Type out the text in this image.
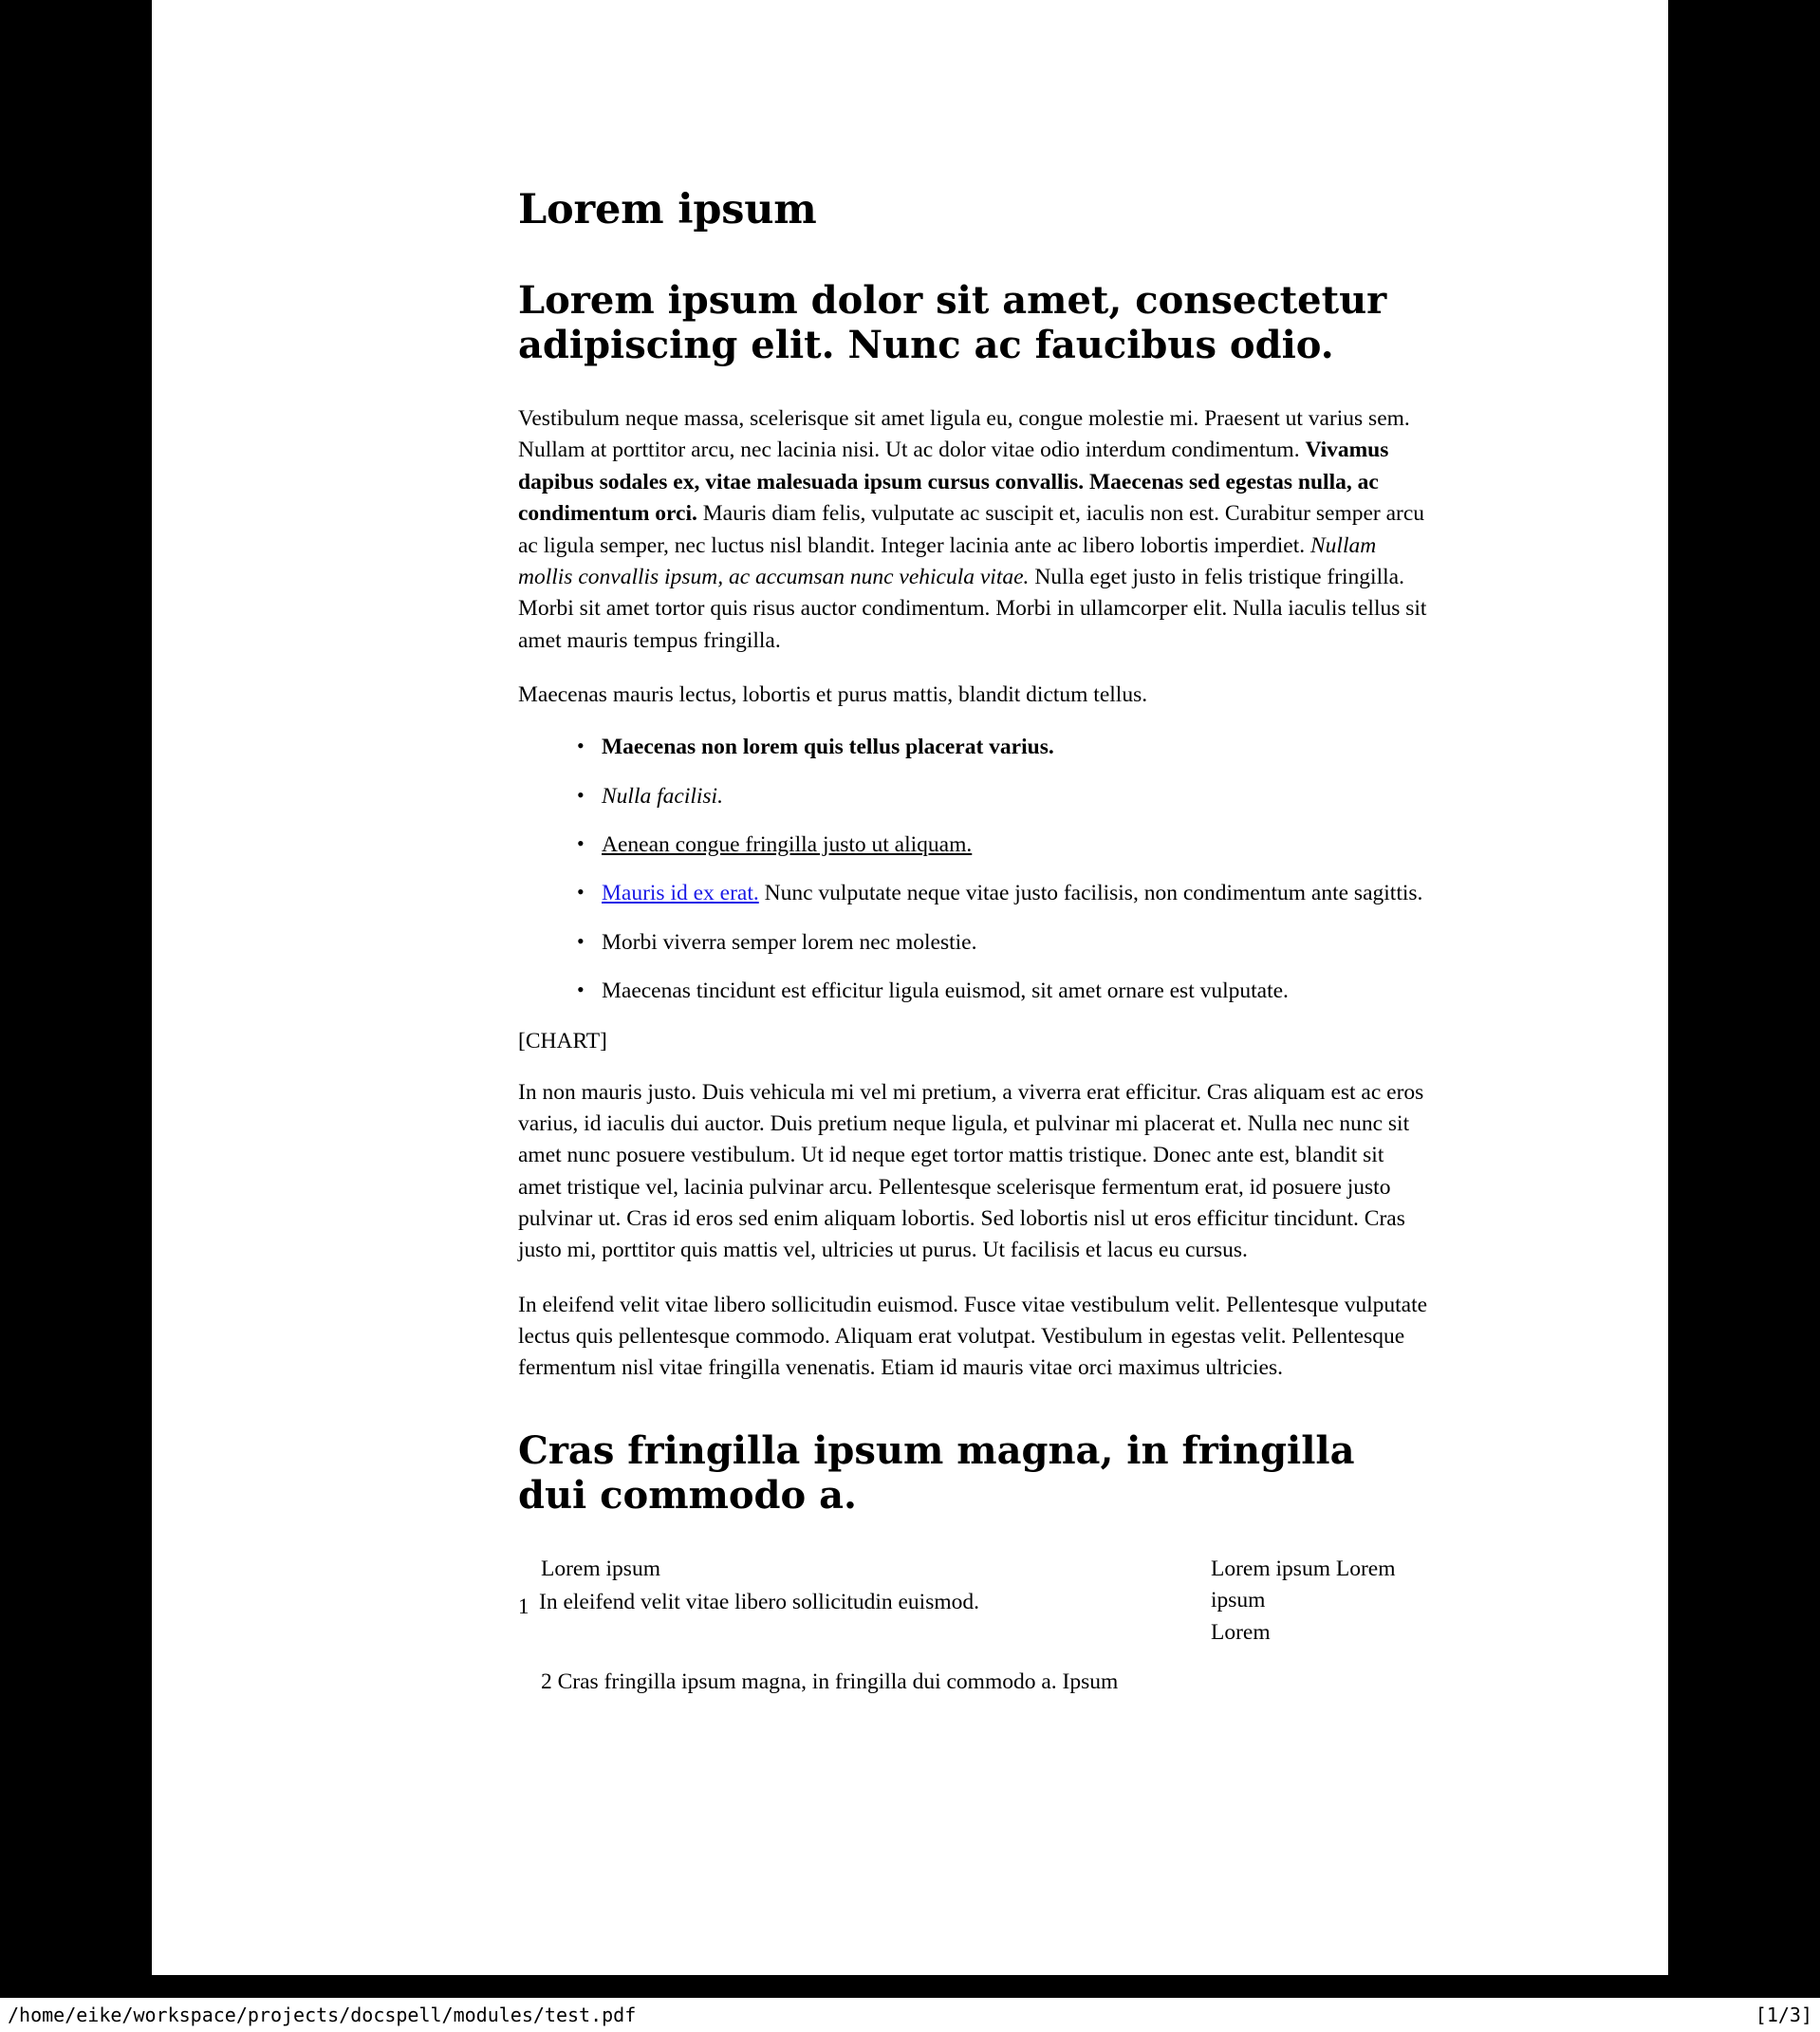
Lorem ipsum
Lorem ipsum dolor sit amet, consectetur adipiscing elit. Nunc ac faucibus odio.

Vestibulum neque massa, scelerisque sit amet ligula eu, congue molestie mi. Praesent ut varius sem. Nullam at porttitor arcu, nec lacinia nisi. Ut ac dolor vitae odio interdum condimentum. Vivamus dapibus sodales ex, vitae malesuada ipsum cursus convallis. Maecenas sed egestas nulla, ac condimentum orci. Mauris diam felis, vulputate ac suscipit et, iaculis non est. Curabitur semper arcu ac ligula semper, nec luctus nisl blandit. Integer lacinia ante ac libero lobortis imperdiet. Nullam mollis convallis ipsum, ac accumsan nunc vehicula vitae. Nulla eget justo in felis tristique fringilla. Morbi sit amet tortor quis risus auctor condimentum. Morbi in ullamcorper elit. Nulla iaculis tellus sit amet mauris tempus fringilla.

Maecenas mauris lectus, lobortis et purus mattis, blandit dictum tellus.

• Maecenas non lorem quis tellus placerat varius.
• Nulla facilisi.
• Aenean congue fringilla justo ut aliquam.
• Mauris id ex erat. Nunc vulputate neque vitae justo facilisis, non condimentum ante sagittis.
• Morbi viverra semper lorem nec molestie.
• Maecenas tincidunt est efficitur ligula euismod, sit amet ornare est vulputate.
[CHART]

In non mauris justo. Duis vehicula mi vel mi pretium, a viverra erat efficitur. Cras aliquam est ac eros varius, id iaculis dui auctor. Duis pretium neque ligula, et pulvinar mi placerat et. Nulla nec nunc sit amet nunc posuere vestibulum. Ut id neque eget tortor mattis tristique. Donec ante est, blandit sit amet tristique vel, lacinia pulvinar arcu. Pellentesque scelerisque fermentum erat, id posuere justo pulvinar ut. Cras id eros sed enim aliquam lobortis. Sed lobortis nisl ut eros efficitur tincidunt. Cras justo mi, porttitor quis mattis vel, ultricies ut purus. Ut facilisis et lacus eu cursus.

In eleifend velit vitae libero sollicitudin euismod. Fusce vitae vestibulum velit. Pellentesque vulputate lectus quis pellentesque commodo. Aliquam erat volutpat. Vestibulum in egestas velit. Pellentesque fermentum nisl vitae fringilla venenatis. Etiam id mauris vitae orci maximus ultricies.

Cras fringilla ipsum magna, in fringilla dui commodo a.
Lorem ipsum
1 In eleifend velit vitae libero sollicitudin euismod.
Lorem ipsum Lorem ipsum
Lorem
2 Cras fringilla ipsum magna, in fringilla dui commodo a. Ipsum
/home/eike/workspace/projects/docspell/modules/test.pdf	[1/3]
